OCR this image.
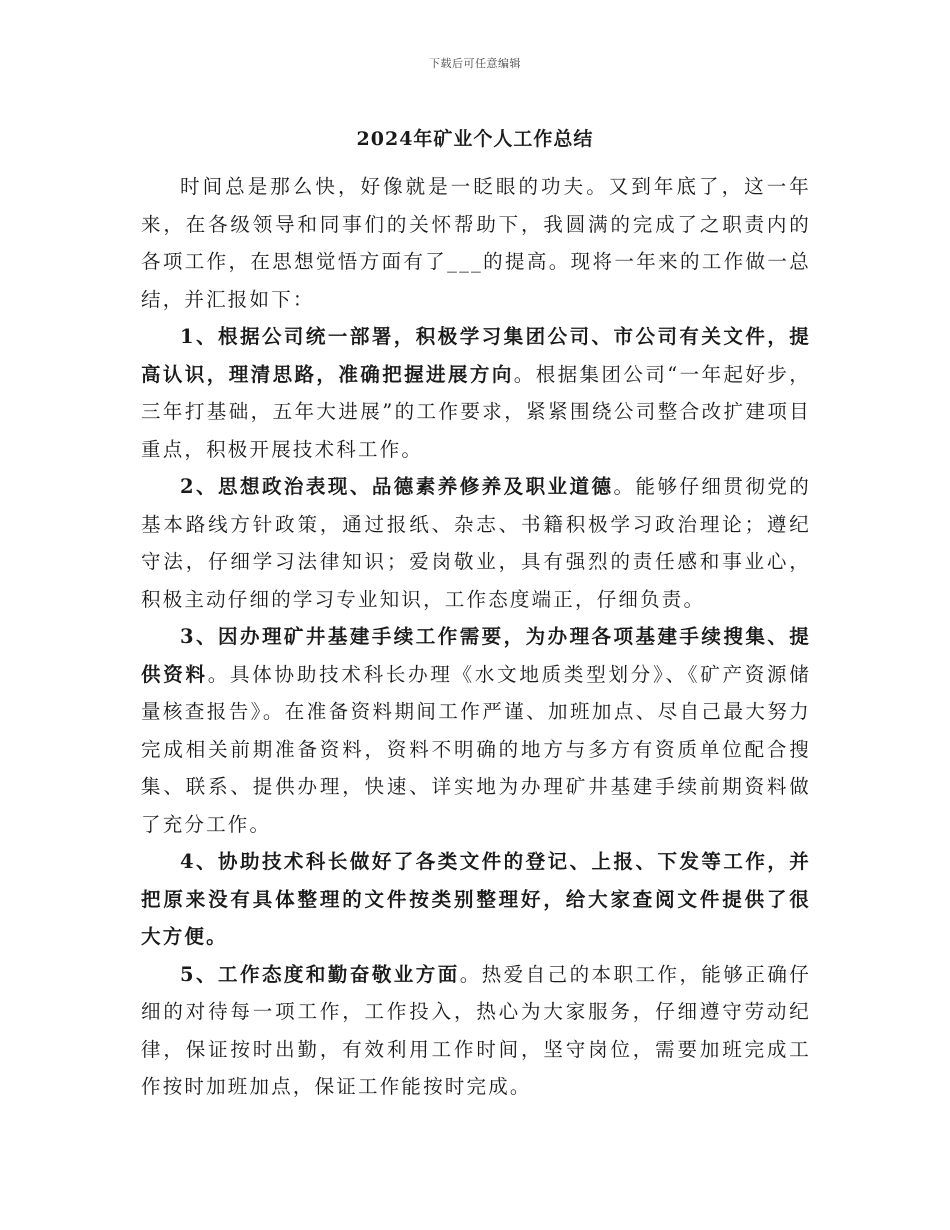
下载后可任意编辑
2024年矿业个人工作总结

时间总是那么快，好像就是一眨眼的功夫。又到年底了，这一年来，在各级领导和同事们的关怀帮助下，我圆满的完成了之职责内的各项工作，在思想觉悟方面有了___的提高。现将一年来的工作做一总结，并汇报如下：

1、根据公司统一部署，积极学习集团公司、市公司有关文件，提高认识，理清思路，准确把握进展方向。根据集团公司“一年起好步，三年打基础，五年大进展”的工作要求，紧紧围绕公司整合改扩建项目重点，积极开展技术科工作。

2、思想政治表现、品德素养修养及职业道德。能够仔细贯彻党的基本路线方针政策，通过报纸、杂志、书籍积极学习政治理论；遵纪守法，仔细学习法律知识；爱岗敬业，具有强烈的责任感和事业心，积极主动仔细的学习专业知识，工作态度端正，仔细负责。

3、因办理矿井基建手续工作需要，为办理各项基建手续搜集、提供资料。具体协助技术科长办理《水文地质类型划分》、《矿产资源储量核查报告》。在准备资料期间工作严谨、加班加点、尽自己最大努力完成相关前期准备资料，资料不明确的地方与多方有资质单位配合搜集、联系、提供办理，快速、详实地为办理矿井基建手续前期资料做了充分工作。

4、协助技术科长做好了各类文件的登记、上报、下发等工作，并把原来没有具体整理的文件按类别整理好，给大家查阅文件提供了很大方便。

5、工作态度和勤奋敬业方面。热爱自己的本职工作，能够正确仔细的对待每一项工作，工作投入，热心为大家服务，仔细遵守劳动纪律，保证按时出勤，有效利用工作时间，坚守岗位，需要加班完成工作按时加班加点，保证工作能按时完成。
